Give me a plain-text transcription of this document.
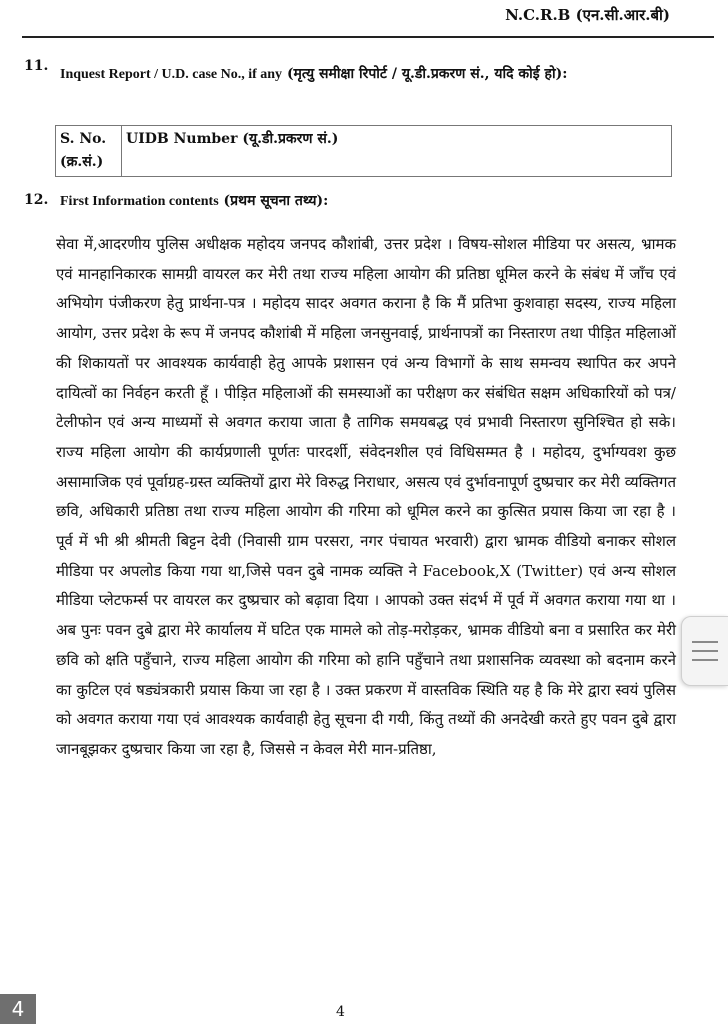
N.C.R.B (एन.सी.आर.बी)
11.
Inquest Report / U.D. case No., if any (मृत्यु समीक्षा रिपोर्ट / यू.डी.प्रकरण सं., यदि कोई हो):
S. No.
(क्र.सं.)
	UIDB Number (यू.डी.प्रकरण सं.)
12. First Information contents (प्रथम सूचना तथ्य):
सेवा में,आदरणीय पुलिस अधीक्षक महोदय जनपद कौशांबी, उत्तर प्रदेश । विषय-सोशल मीडिया पर असत्य, भ्रामक एवं मानहानिकारक सामग्री वायरल कर मेरी तथा राज्य महिला आयोग की प्रतिष्ठा धूमिल करने के संबंध में जाँच एवं अभियोग पंजीकरण हेतु प्रार्थना-पत्र । महोदय सादर अवगत कराना है कि मैं प्रतिभा कुशवाहा सदस्य, राज्य महिला आयोग, उत्तर प्रदेश के रूप में जनपद कौशांबी में महिला जनसुनवाई, प्रार्थनापत्रों का निस्तारण तथा पीड़ित महिलाओं की शिकायतों पर आवश्यक कार्यवाही हेतु आपके प्रशासन एवं अन्य विभागों के साथ समन्वय स्थापित कर अपने दायित्वों का निर्वहन करती हूँ । पीड़ित महिलाओं की समस्याओं का परीक्षण कर संबंधित सक्षम अधिकारियों को पत्र/टेलीफोन एवं अन्य माध्यमों से अवगत कराया जाता है तागिक समयबद्ध एवं प्रभावी निस्तारण सुनिश्चित हो सके। राज्य महिला आयोग की कार्यप्रणाली पूर्णतः पारदर्शी, संवेदनशील एवं विधिसम्मत है । महोदय, दुर्भाग्यवश कुछ असामाजिक एवं पूर्वाग्रह-ग्रस्त व्यक्तियों द्वारा मेरे विरुद्ध निराधार, असत्य एवं दुर्भावनापूर्ण दुष्प्रचार कर मेरी व्यक्तिगत छवि, अधिकारी प्रतिष्ठा तथा राज्य महिला आयोग की गरिमा को धूमिल करने का कुत्सित प्रयास किया जा रहा है । पूर्व में भी श्री श्रीमती बिट्टन देवी (निवासी ग्राम परसरा, नगर पंचायत भरवारी) द्वारा भ्रामक वीडियो बनाकर सोशल मीडिया पर अपलोड किया गया था,जिसे पवन दुबे नामक व्यक्ति ने Facebook,X (Twitter) एवं अन्य सोशल मीडिया प्लेटफर्म्स पर वायरल कर दुष्प्रचार को बढ़ावा दिया । आपको उक्त संदर्भ में पूर्व में अवगत कराया गया था । अब पुनः पवन दुबे द्वारा मेरे कार्यालय में घटित एक मामले को तोड़-मरोड़कर, भ्रामक वीडियो बना व प्रसारित कर मेरी छवि को क्षति पहुँचाने, राज्य महिला आयोग की गरिमा को हानि पहुँचाने तथा प्रशासनिक व्यवस्था को बदनाम करने का कुटिल एवं षड्यंत्रकारी प्रयास किया जा रहा है । उक्त प्रकरण में वास्तविक स्थिति यह है कि मेरे द्वारा स्वयं पुलिस को अवगत कराया गया एवं आवश्यक कार्यवाही हेतु सूचना दी गयी, किंतु तथ्यों की अनदेखी करते हुए पवन दुबे द्वारा जानबूझकर दुष्प्रचार किया जा रहा है, जिससे न केवल मेरी मान-प्रतिष्ठा,
4
4
